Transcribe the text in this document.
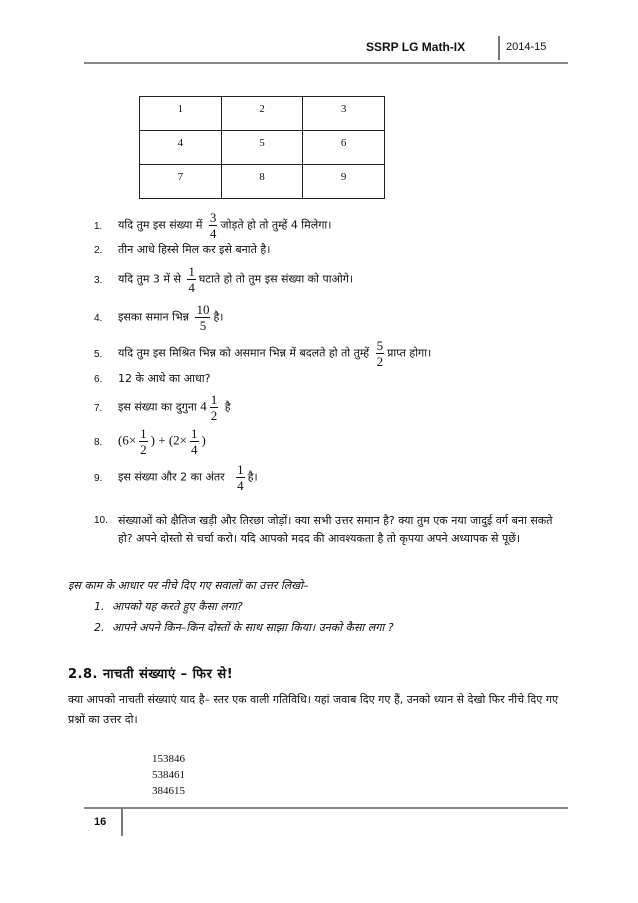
SSRP LG Math-IX	2014-15
1	2	3
4	5	6
7	8	9
1. यदि तुम इस संख्या में $\frac{3}{4}$ जोड़ते हो तो तुम्हें 4 मिलेगा।
2. तीन आधे हिस्से मिल कर इसे बनाते है।
3. यदि तुम 3 में से $\frac{1}{4}$ घटाते हो तो तुम इस संख्या को पाओगे।
4. इसका समान भिन्न $\frac{10}{5}$ है।
5. यदि तुम इस मिश्रित भिन्न को असमान भिन्न में बदलते हो तो तुम्हें $\frac{5}{2}$ प्राप्त होगा।
6. 12 के आधे का आधा?
7. इस संख्या का दुगुना $4 \frac{1}{2}$ है
8. ($6\times \frac{1}{2}$ ) + ($2\times \frac{1}{4}$ )
9. इस संख्या और 2 का अंतर $\frac{1}{4}$ है।
10. संख्याओं को क्षैतिज खड़ी और तिरछा जोड़ों। क्या सभी उत्तर समान है? क्या तुम एक नया जादुई वर्ग बना सकते हो? अपने दोस्तो से चर्चा करो। यदि आपको मदद की आवश्यकता है तो कृपया अपने अध्यापक से पूछें।
इस काम के आधार पर नीचे दिए गए सवालों का उत्तर लिखो–
1. आपको यह करते हुए कैसा लगा?
2. आपने अपने किन–किन दोस्तों के साथ साझा किया। उनको कैसा लगा ?
2.8. नाचती संख्याएं – फिर से!
क्या आपको नाचती संख्याएं याद है– स्तर एक वाली गतिविधि। यहां जवाब दिए गए हैं, उनको ध्यान से देखो फिर नीचे दिए गए प्रश्नों का उत्तर दो।
153846
538461
384615
16
